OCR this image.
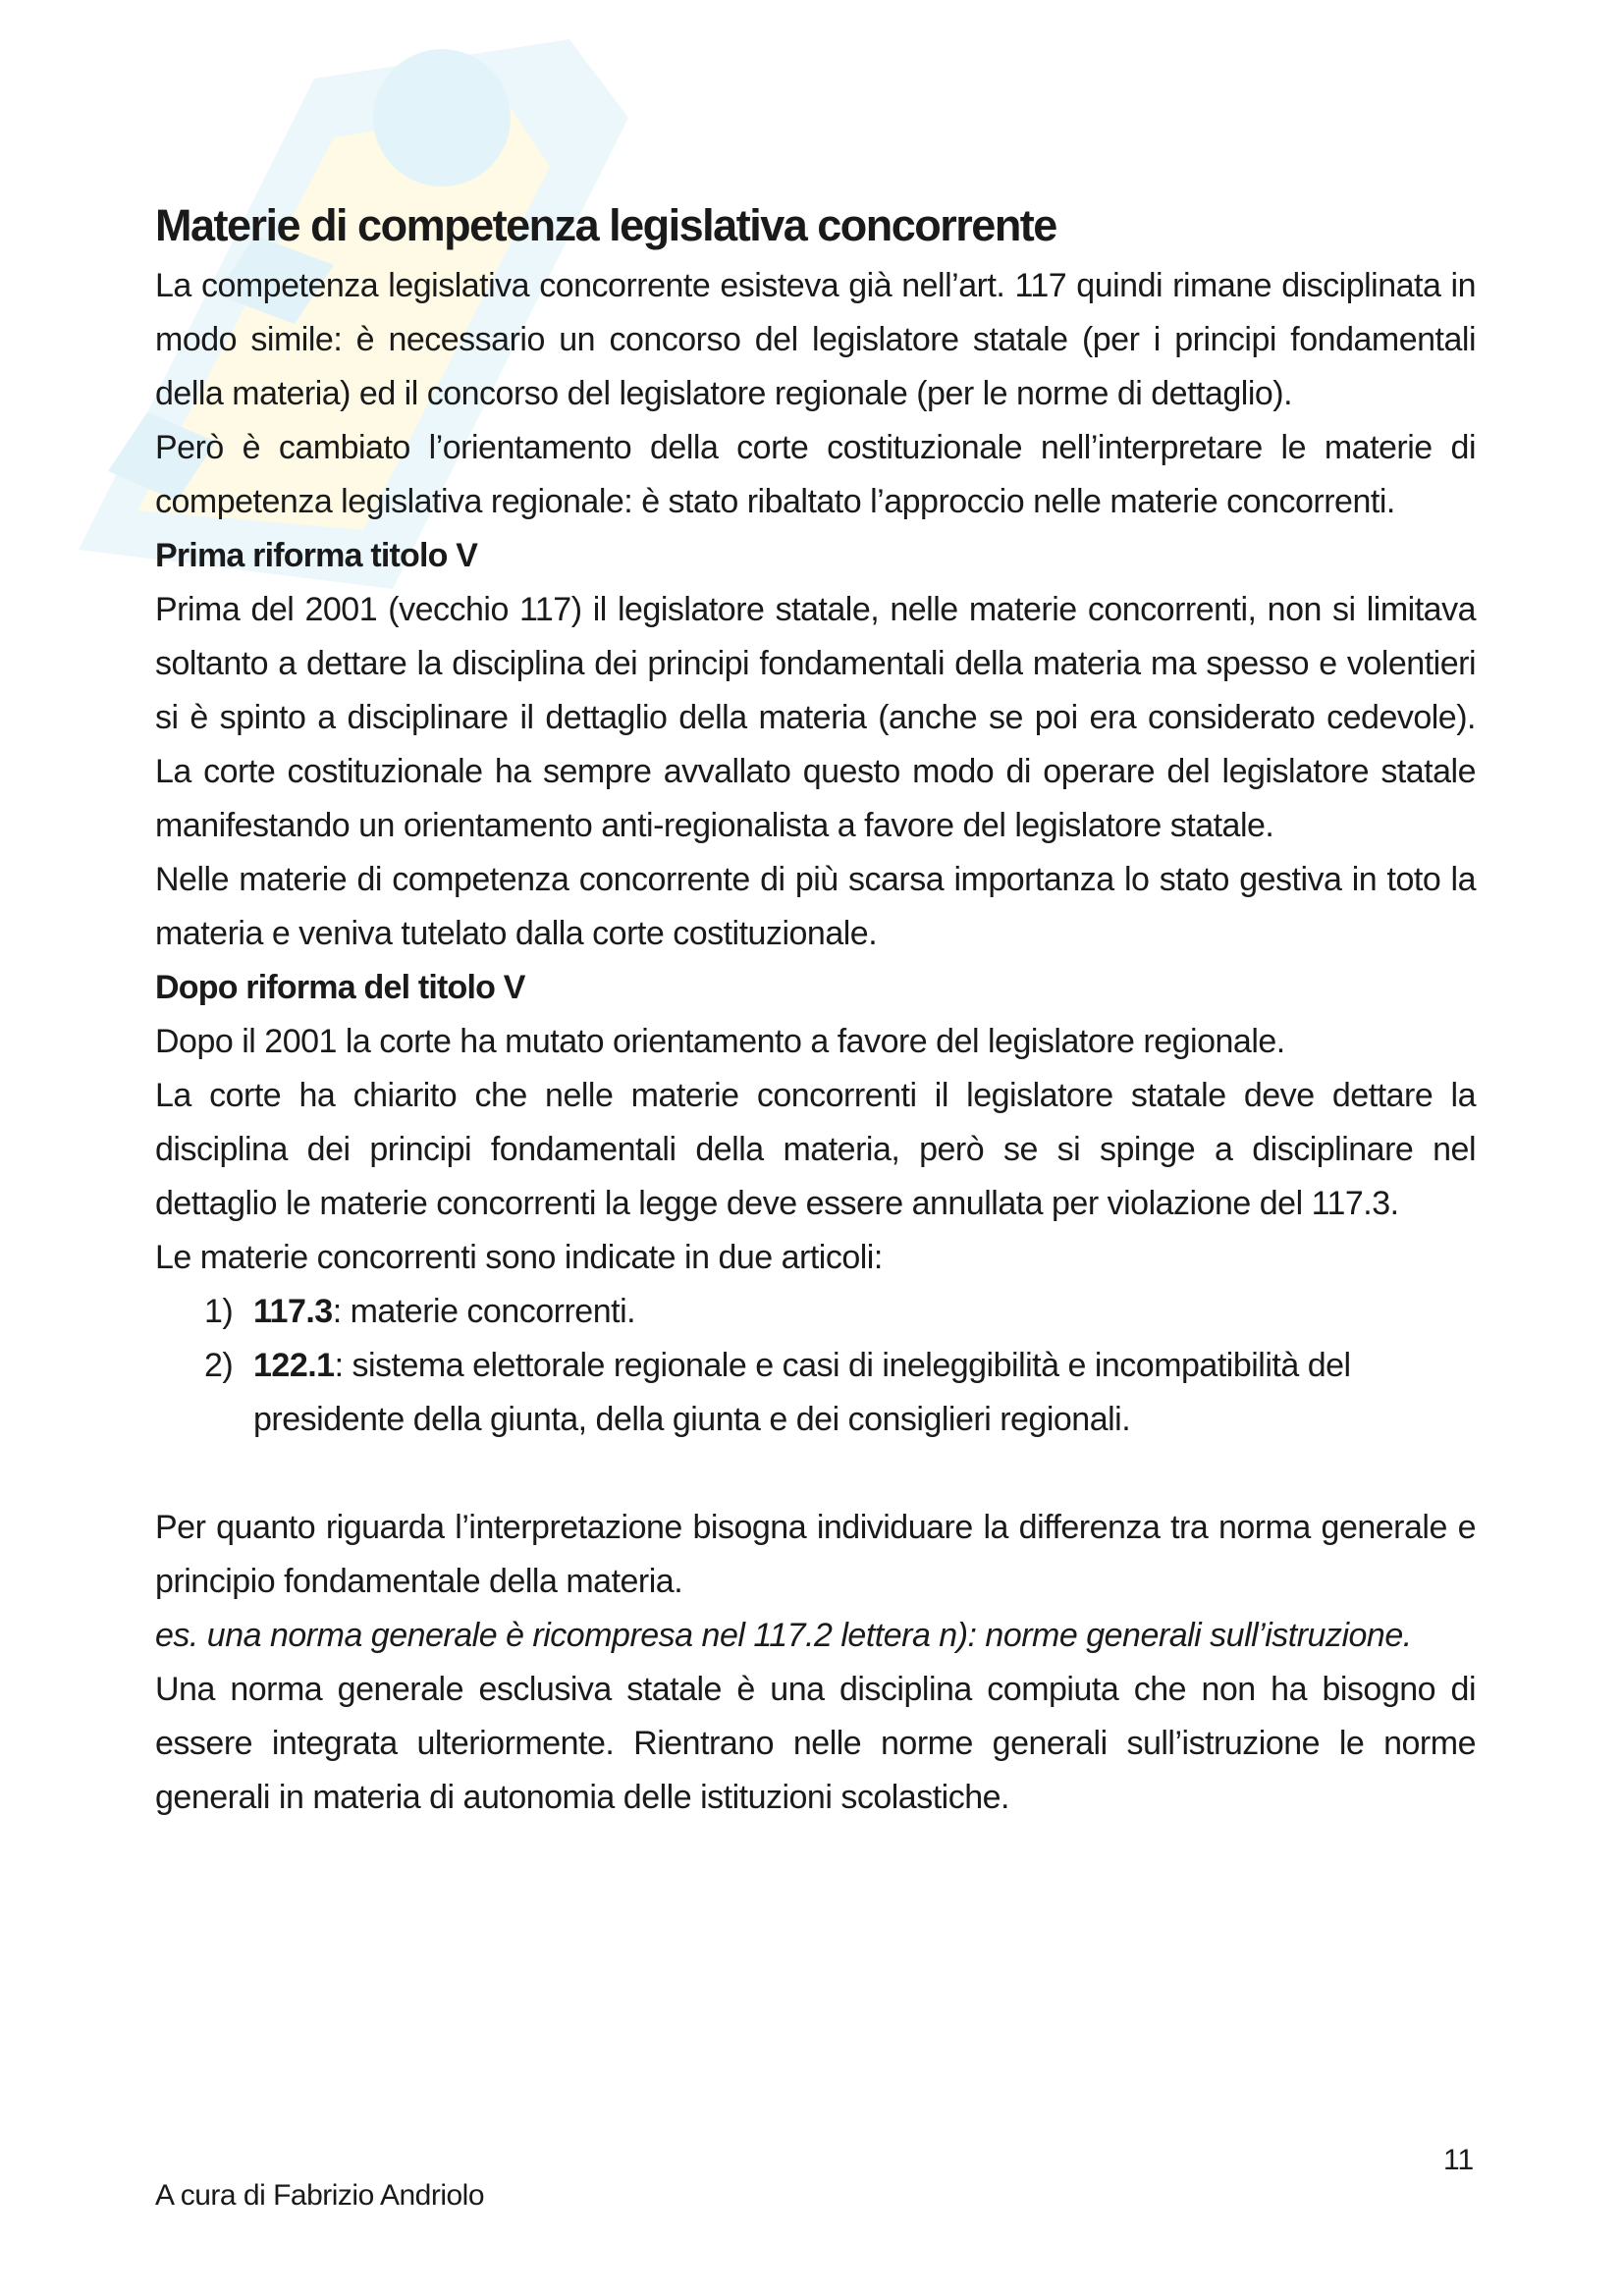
Materie di competenza legislativa concorrente

La competenza legislativa concorrente esisteva già nell’art. 117 quindi rimane disciplinata in modo simile: è necessario un concorso del legislatore statale (per i principi fondamentali della materia) ed il concorso del legislatore regionale (per le norme di dettaglio).

Però è cambiato l’orientamento della corte costituzionale nell’interpretare le materie di competenza legislativa regionale: è stato ribaltato l’approccio nelle materie concorrenti.

Prima riforma titolo V

Prima del 2001 (vecchio 117) il legislatore statale, nelle materie concorrenti, non si limitava soltanto a dettare la disciplina dei principi fondamentali della materia ma spesso e volentieri si è spinto a disciplinare il dettaglio della materia (anche se poi era considerato cedevole). La corte costituzionale ha sempre avvallato questo modo di operare del legislatore statale manifestando un orientamento anti-regionalista a favore del legislatore statale.

Nelle materie di competenza concorrente di più scarsa importanza lo stato gestiva in toto la materia e veniva tutelato dalla corte costituzionale.

Dopo riforma del titolo V

Dopo il 2001 la corte ha mutato orientamento a favore del legislatore regionale.

La corte ha chiarito che nelle materie concorrenti il legislatore statale deve dettare la disciplina dei principi fondamentali della materia, però se si spinge a disciplinare nel dettaglio le materie concorrenti la legge deve essere annullata per violazione del 117.3.

Le materie concorrenti sono indicate in due articoli:

1) 117.3: materie concorrenti.
2) 122.1: sistema elettorale regionale e casi di ineleggibilità e incompatibilità del presidente della giunta, della giunta e dei consiglieri regionali.

Per quanto riguarda l’interpretazione bisogna individuare la differenza tra norma generale e principio fondamentale della materia.

es. una norma generale è ricompresa nel 117.2 lettera n): norme generali sull’istruzione.

Una norma generale esclusiva statale è una disciplina compiuta che non ha bisogno di essere integrata ulteriormente. Rientrano nelle norme generali sull’istruzione le norme generali in materia di autonomia delle istituzioni scolastiche.

11
A cura di Fabrizio Andriolo
